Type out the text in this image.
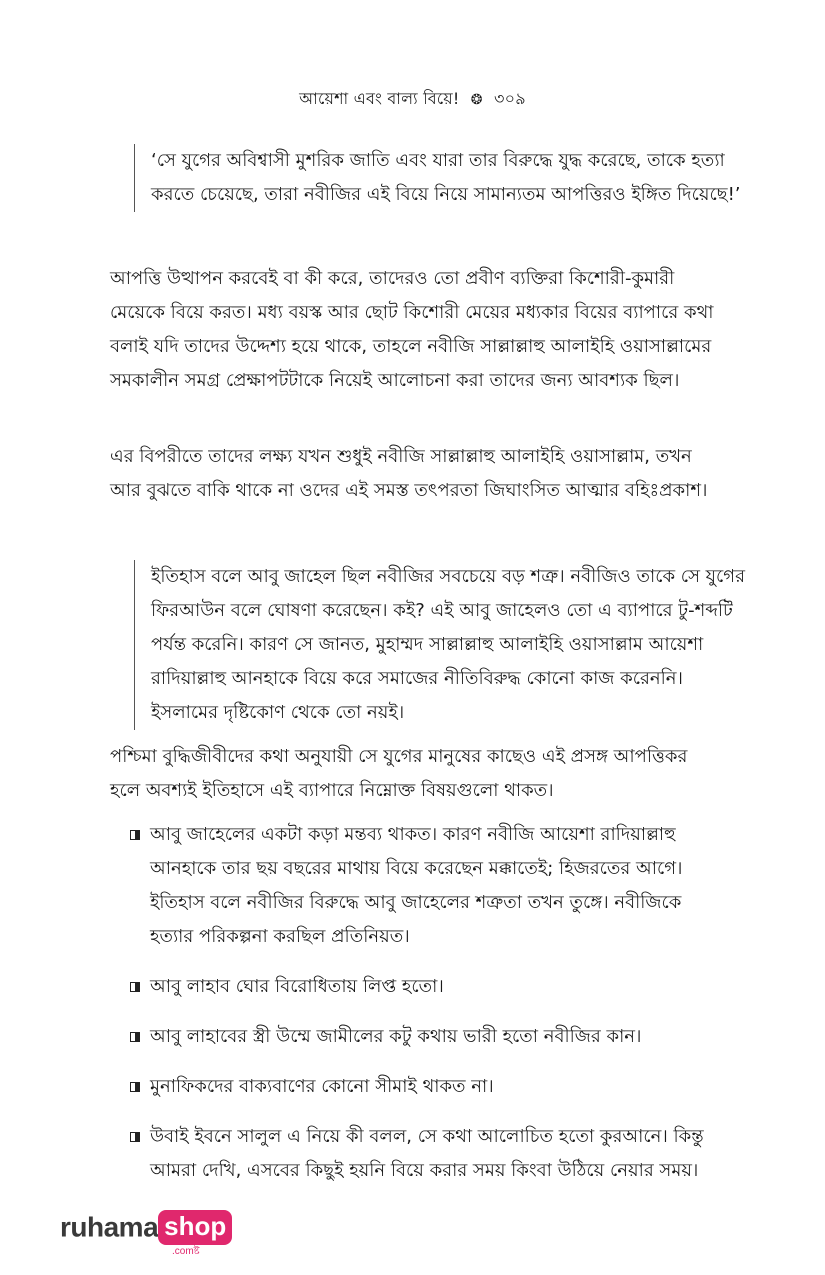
আয়েশা এবং বাল্য বিয়ে! ❂ ৩০৯

‘সে যুগের অবিশ্বাসী মুশরিক জাতি এবং যারা তার বিরুদ্ধে যুদ্ধ করেছে, তাকে হত্যা করতে চেয়েছে, তারা নবীজির এই বিয়ে নিয়ে সামান্যতম আপত্তিরও ইঙ্গিত দিয়েছে!’

আপত্তি উত্থাপন করবেই বা কী করে, তাদেরও তো প্রবীণ ব্যক্তিরা কিশোরী-কুমারী মেয়েকে বিয়ে করত। মধ্য বয়স্ক আর ছোট কিশোরী মেয়ের মধ্যকার বিয়ের ব্যাপারে কথা বলাই যদি তাদের উদ্দেশ্য হয়ে থাকে, তাহলে নবীজি সাল্লাল্লাহু আলাইহি ওয়াসাল্লামের সমকালীন সমগ্র প্রেক্ষাপটটাকে নিয়েই আলোচনা করা তাদের জন্য আবশ্যক ছিল।

এর বিপরীতে তাদের লক্ষ্য যখন শুধুই নবীজি সাল্লাল্লাহু আলাইহি ওয়াসাল্লাম, তখন আর বুঝতে বাকি থাকে না ওদের এই সমস্ত তৎপরতা জিঘাংসিত আত্মার বহিঃপ্রকাশ।

ইতিহাস বলে আবু জাহেল ছিল নবীজির সবচেয়ে বড় শত্রু। নবীজিও তাকে সে যুগের ফিরআউন বলে ঘোষণা করেছেন। কই? এই আবু জাহেলও তো এ ব্যাপারে টু-শব্দটি পর্যন্ত করেনি। কারণ সে জানত, মুহাম্মদ সাল্লাল্লাহু আলাইহি ওয়াসাল্লাম আয়েশা রাদিয়াল্লাহু আনহাকে বিয়ে করে সমাজের নীতিবিরুদ্ধ কোনো কাজ করেননি। ইসলামের দৃষ্টিকোণ থেকে তো নয়ই।

পশ্চিমা বুদ্ধিজীবীদের কথা অনুযায়ী সে যুগের মানুষের কাছেও এই প্রসঙ্গ আপত্তিকর হলে অবশ্যই ইতিহাসে এই ব্যাপারে নিম্নোক্ত বিষয়গুলো থাকত।

আবু জাহেলের একটা কড়া মন্তব্য থাকত। কারণ নবীজি আয়েশা রাদিয়াল্লাহু আনহাকে তার ছয় বছরের মাথায় বিয়ে করেছেন মক্কাতেই; হিজরতের আগে। ইতিহাস বলে নবীজির বিরুদ্ধে আবু জাহেলের শত্রুতা তখন তুঙ্গে। নবীজিকে হত্যার পরিকল্পনা করছিল প্রতিনিয়ত।
আবু লাহাব ঘোর বিরোধিতায় লিপ্ত হতো।
আবু লাহাবের স্ত্রী উম্মে জামীলের কটু কথায় ভারী হতো নবীজির কান।
মুনাফিকদের বাক্যবাণের কোনো সীমাই থাকত না।
উবাই ইবনে সালুল এ নিয়ে কী বলল, সে কথা আলোচিত হতো কুরআনে। কিন্তু আমরা দেখি, এসবের কিছুই হয়নি বিয়ে করার সময় কিংবা উঠিয়ে নেয়ার সময়।
ruhama shop
.comষ্ট
